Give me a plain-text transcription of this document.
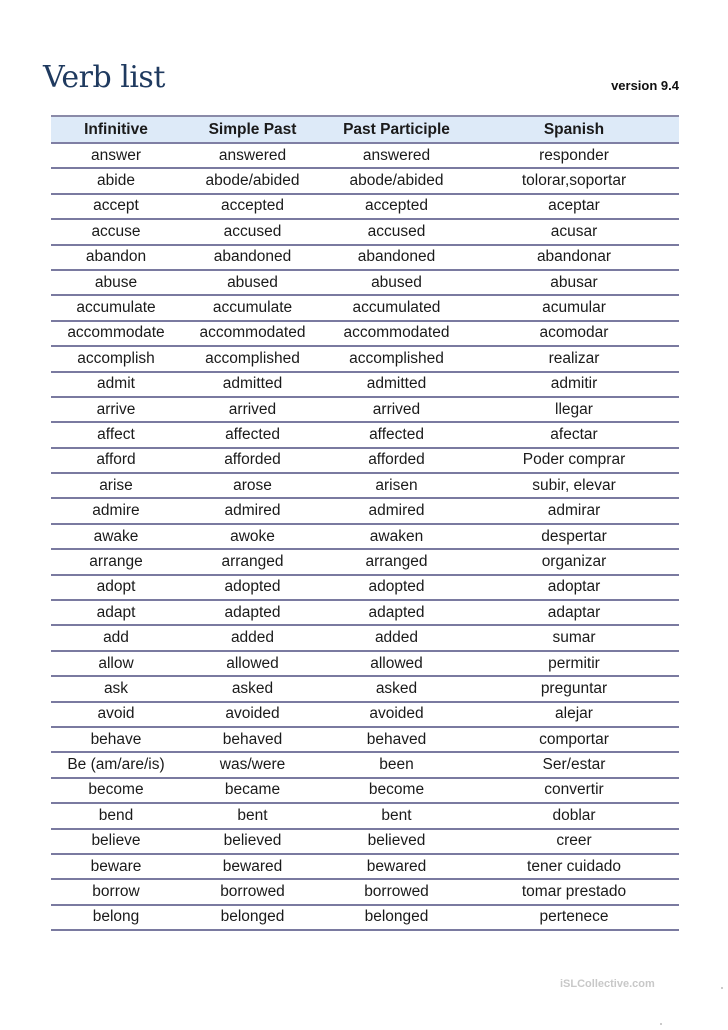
Verb list	version 9.4
Infinitive	Simple Past	Past Participle	Spanish
answer	answered	answered	responder
abide	abode/abided	abode/abided	tolorar,soportar
accept	accepted	accepted	aceptar
accuse	accused	accused	acusar
abandon	abandoned	abandoned	abandonar
abuse	abused	abused	abusar
accumulate	accumulate	accumulated	acumular
accommodate	accommodated	accommodated	acomodar
accomplish	accomplished	accomplished	realizar
admit	admitted	admitted	admitir
arrive	arrived	arrived	llegar
affect	affected	affected	afectar
afford	afforded	afforded	Poder comprar
arise	arose	arisen	subir, elevar
admire	admired	admired	admirar
awake	awoke	awaken	despertar
arrange	arranged	arranged	organizar
adopt	adopted	adopted	adoptar
adapt	adapted	adapted	adaptar
add	added	added	sumar
allow	allowed	allowed	permitir
ask	asked	asked	preguntar
avoid	avoided	avoided	alejar
behave	behaved	behaved	comportar
Be (am/are/is)	was/were	been	Ser/estar
become	became	become	convertir
bend	bent	bent	doblar
believe	believed	believed	creer
beware	bewared	bewared	tener cuidado
borrow	borrowed	borrowed	tomar prestado
belong	belonged	belonged	pertenece
iSLCollective.com
